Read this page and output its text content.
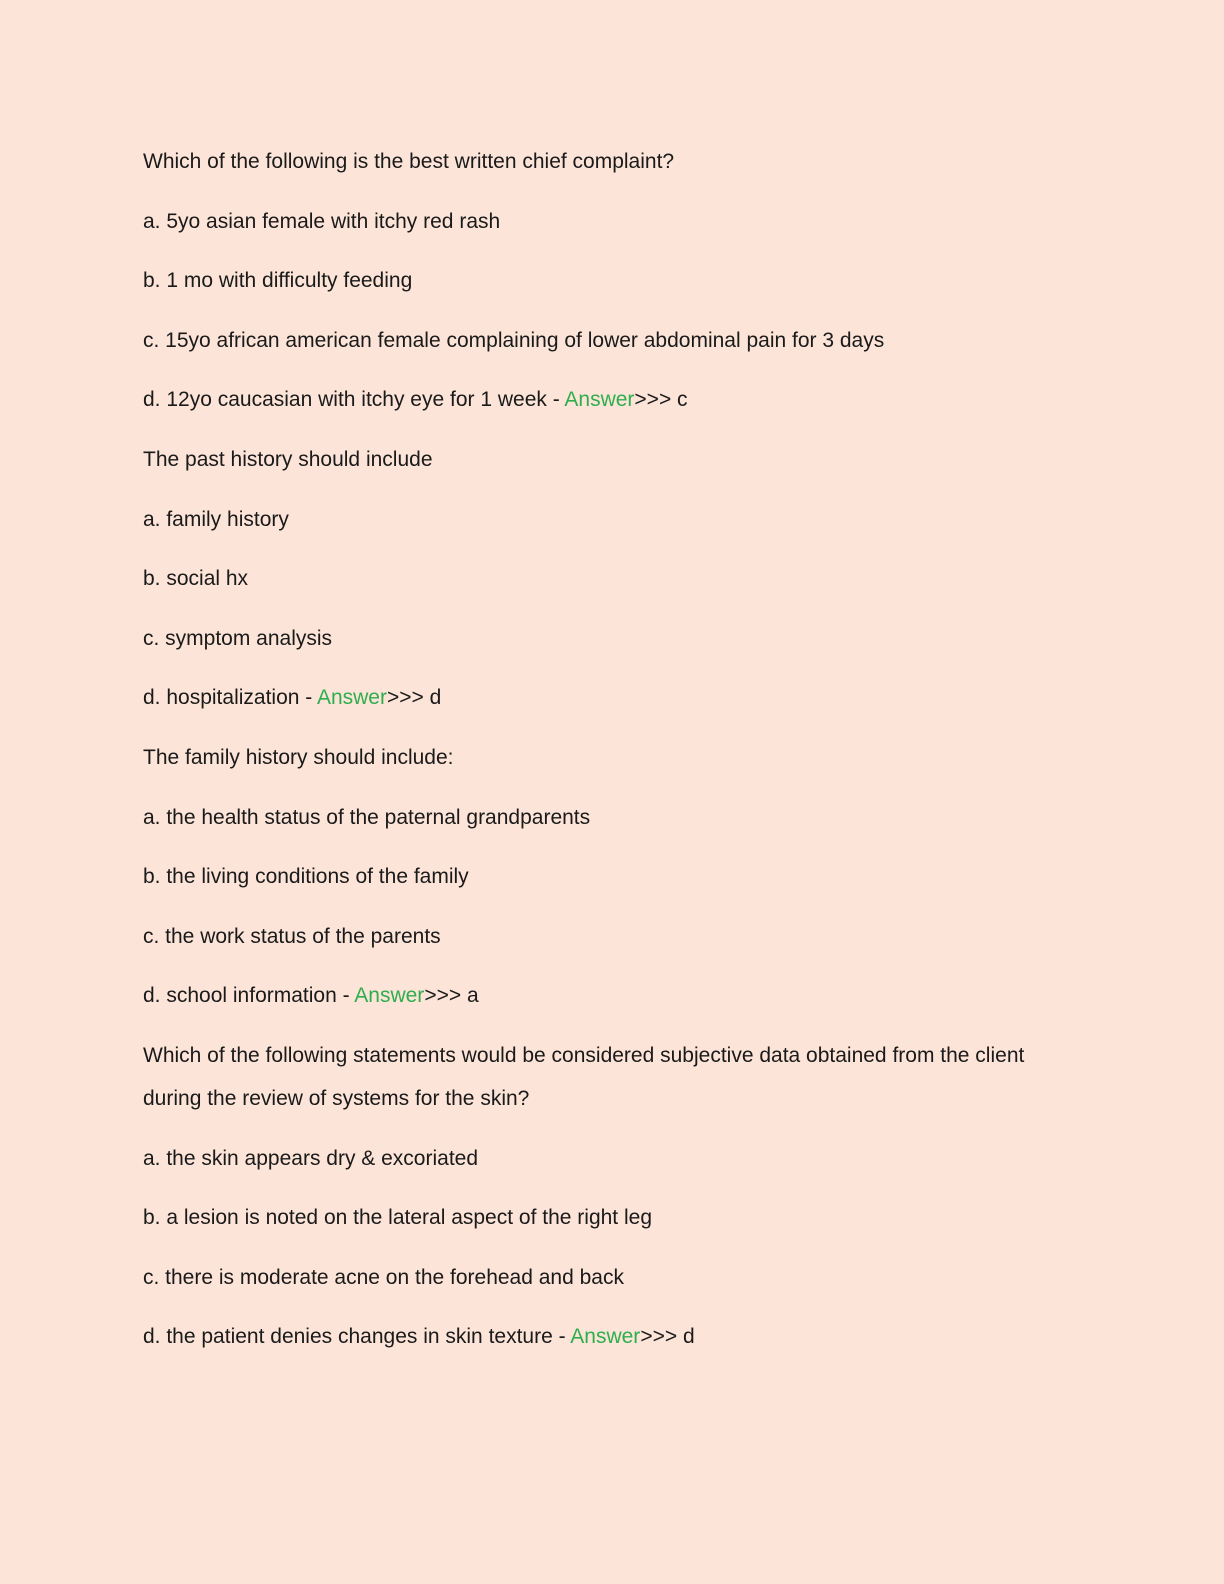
Which of the following is the best written chief complaint?
a. 5yo asian female with itchy red rash
b. 1 mo with difficulty feeding
c. 15yo african american female complaining of lower abdominal pain for 3 days
d. 12yo caucasian with itchy eye for 1 week - Answer>>> c
The past history should include
a. family history
b. social hx
c. symptom analysis
d. hospitalization - Answer>>> d
The family history should include:
a. the health status of the paternal grandparents
b. the living conditions of the family
c. the work status of the parents
d. school information - Answer>>> a
Which of the following statements would be considered subjective data obtained from the client during the review of systems for the skin?
a. the skin appears dry & excoriated
b. a lesion is noted on the lateral aspect of the right leg
c. there is moderate acne on the forehead and back
d. the patient denies changes in skin texture - Answer>>> d
